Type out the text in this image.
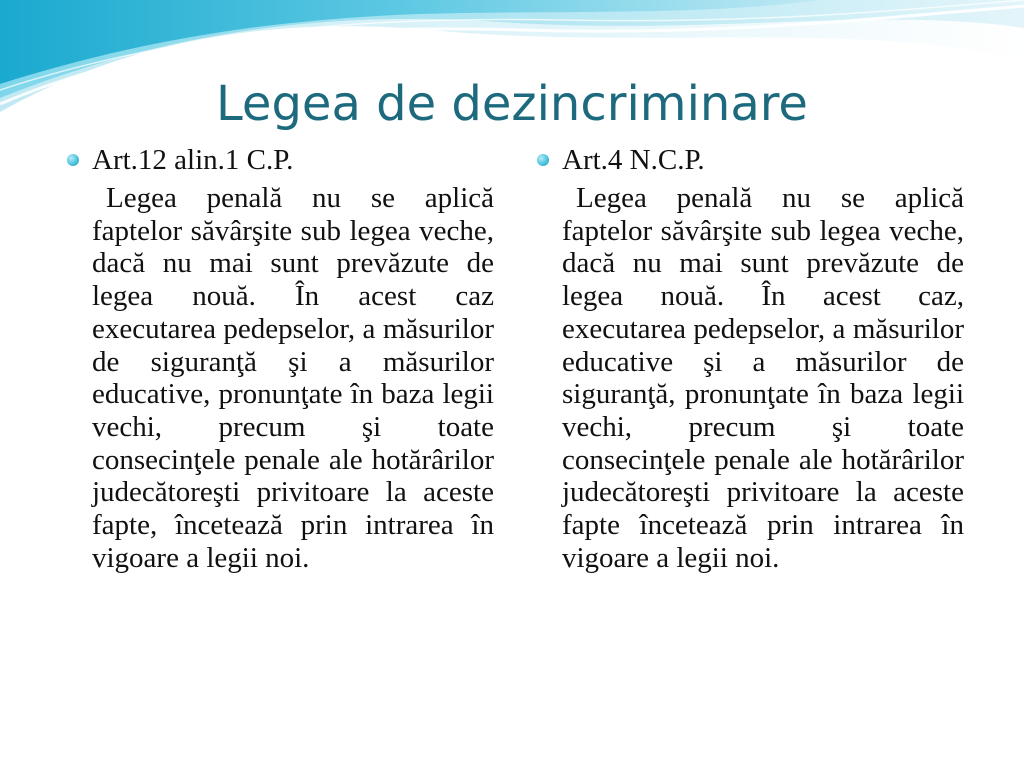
Legea de dezincriminare
Art.12 alin.1 C.P.

Legea penală nu se aplică faptelor săvârşite sub legea veche, dacă nu mai sunt prevăzute de legea nouă. În acest caz executarea pedepselor, a măsurilor de siguranţă şi a măsurilor educative, pronunţate în baza legii vechi, precum şi toate consecinţele penale ale hotărârilor judecătoreşti privitoare la aceste fapte, încetează prin intrarea în vigoare a legii noi.

Art.4 N.C.P.

Legea penală nu se aplică faptelor săvârşite sub legea veche, dacă nu mai sunt prevăzute de legea nouă. În acest caz, executarea pedepselor, a măsurilor educative şi a măsurilor de siguranţă, pronunţate în baza legii vechi, precum şi toate consecinţele penale ale hotărârilor judecătoreşti privitoare la aceste fapte încetează prin intrarea în vigoare a legii noi.
